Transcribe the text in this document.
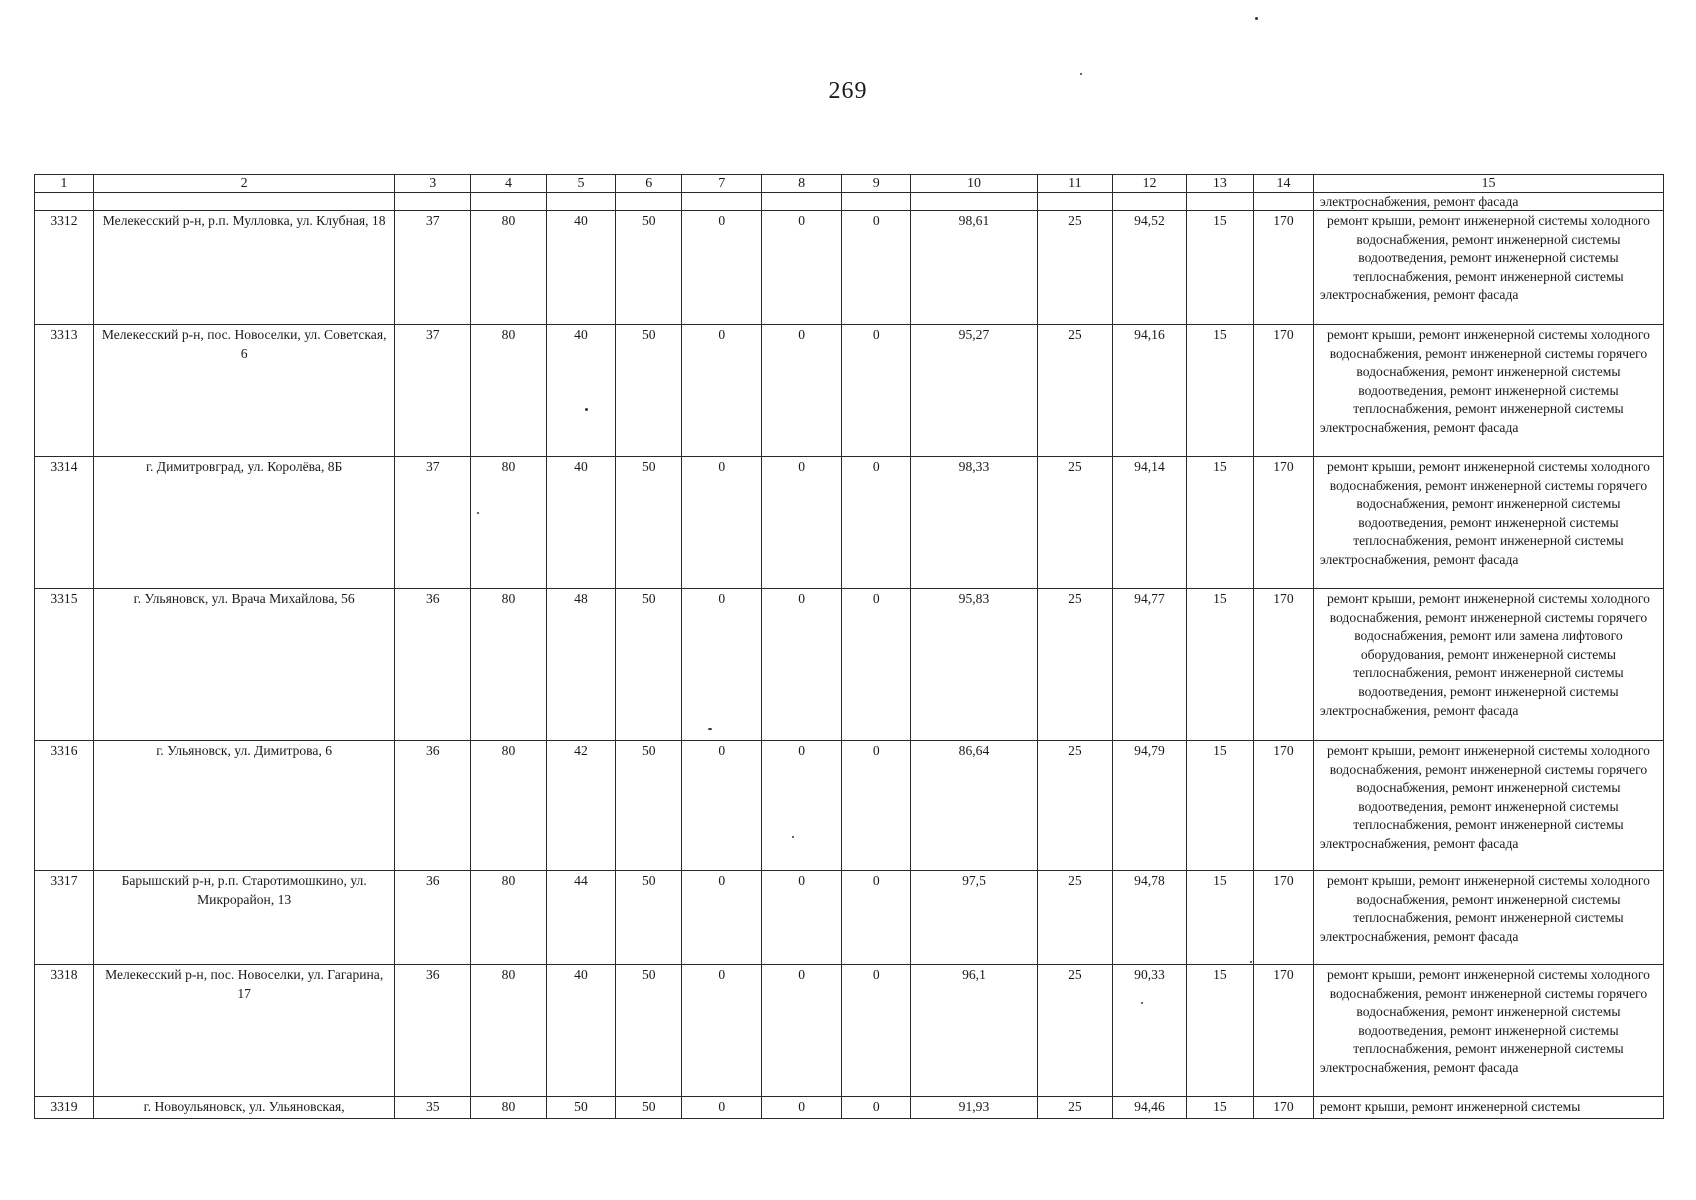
269
1	2	3	4	5	6	7	8	9	10	11	12	13	14	15
														электроснабжения, ремонт фасада
3312	Мелекесский р-н, р.п. Мулловка, ул. Клубная, 18	37	80	40	50	0	0	0	98,61	25	94,52	15	170	ремонт крыши, ремонт инженерной системы холодного водоснабжения, ремонт инженерной системы водоотведения, ремонт инженерной системы теплоснабжения, ремонт инженерной системы электроснабжения, ремонт фасада
3313	Мелекесский р-н, пос. Новоселки, ул. Советская, 6	37	80	40	50	0	0	0	95,27	25	94,16	15	170	ремонт крыши, ремонт инженерной системы холодного водоснабжения, ремонт инженерной системы горячего водоснабжения, ремонт инженерной системы водоотведения, ремонт инженерной системы теплоснабжения, ремонт инженерной системы электроснабжения, ремонт фасада
3314	г. Димитровград, ул. Королёва, 8Б	37	80	40	50	0	0	0	98,33	25	94,14	15	170	ремонт крыши, ремонт инженерной системы холодного водоснабжения, ремонт инженерной системы горячего водоснабжения, ремонт инженерной системы водоотведения, ремонт инженерной системы теплоснабжения, ремонт инженерной системы электроснабжения, ремонт фасада
3315	г. Ульяновск, ул. Врача Михайлова, 56	36	80	48	50	0	0	0	95,83	25	94,77	15	170	ремонт крыши, ремонт инженерной системы холодного водоснабжения, ремонт инженерной системы горячего водоснабжения, ремонт или замена лифтового оборудования, ремонт инженерной системы теплоснабжения, ремонт инженерной системы водоотведения, ремонт инженерной системы электроснабжения, ремонт фасада
3316	г. Ульяновск, ул. Димитрова, 6	36	80	42	50	0	0	0	86,64	25	94,79	15	170	ремонт крыши, ремонт инженерной системы холодного водоснабжения, ремонт инженерной системы горячего водоснабжения, ремонт инженерной системы водоотведения, ремонт инженерной системы теплоснабжения, ремонт инженерной системы электроснабжения, ремонт фасада
3317	Барышский р-н, р.п. Старотимошкино, ул. Микрорайон, 13	36	80	44	50	0	0	0	97,5	25	94,78	15	170	ремонт крыши, ремонт инженерной системы холодного водоснабжения, ремонт инженерной системы теплоснабжения, ремонт инженерной системы электроснабжения, ремонт фасада
3318	Мелекесский р-н, пос. Новоселки, ул. Гагарина, 17	36	80	40	50	0	0	0	96,1	25	90,33	15	170	ремонт крыши, ремонт инженерной системы холодного водоснабжения, ремонт инженерной системы горячего водоснабжения, ремонт инженерной системы водоотведения, ремонт инженерной системы теплоснабжения, ремонт инженерной системы электроснабжения, ремонт фасада
3319	г. Новоульяновск, ул. Ульяновская,	35	80	50	50	0	0	0	91,93	25	94,46	15	170	ремонт крыши, ремонт инженерной системы
